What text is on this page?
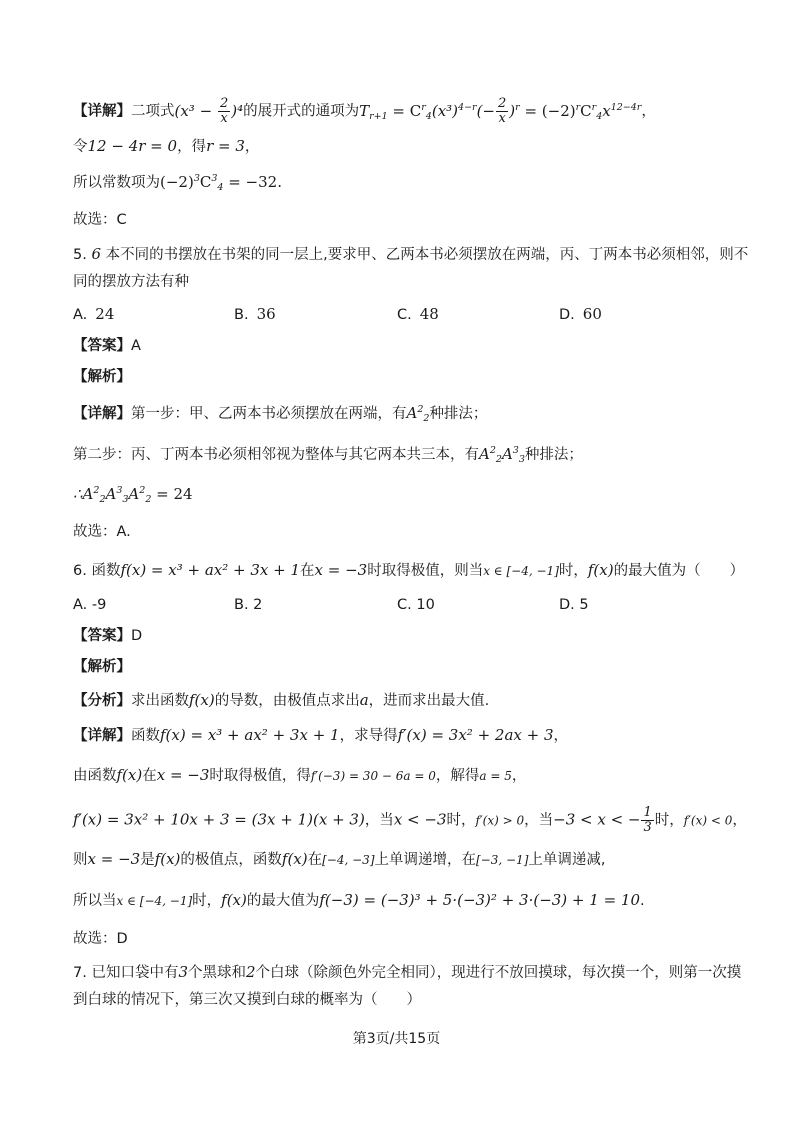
【详解】二项式$(x^3 - \frac{2}{x} )^4$的展开式的通项为$T_{r+1} = C^r_4(x^3)^{4-r}(- \frac{2}{x} )^r = (-2)^rC^r_4x^{12-4r}$，
令12 − 4r = 0，得r = 3，
所以常数项为$(-2)^3C^3_4 = -32$.
故选：C
5. 6 本不同的书摆放在书架的同一层上,要求甲、乙两本书必须摆放在两端，丙、丁两本书必须相邻，则不
同的摆放方法有种
A. 24	B. 36	C. 48	D. 60
【答案】A
【解析】
【详解】第一步：甲、乙两本书必须摆放在两端，有$A^2_2$种排法；
第二步：丙、丁两本书必须相邻视为整体与其它两本共三本，有$A^2_2A^3_3$种排法；
$\therefore A^2_2A^3_3A^2_2 = 24$
故选：A.
6. 函数f(x) = x³ + ax² + 3x + 1在x = −3时取得极值，则当x ∈ [−4, −1]时，f(x)的最大值为（　　）
A. -9	B. 2	C. 10	D. 5
【答案】D
【解析】
【分析】求出函数f(x)的导数，由极值点求出a，进而求出最大值.
【详解】函数f(x) = x³ + ax² + 3x + 1，求导得f′(x) = 3x² + 2ax + 3，
由函数f(x)在x = −3时取得极值，得f′(−3) = 30 − 6a = 0，解得a = 5，
f′(x) = 3x² + 10x + 3 = (3x + 1)(x + 3)，当x < −3时，f′(x) > 0，当−3 < x < − $\frac{1}{3}$ 时，f′(x) < 0，
则x = −3是f(x)的极值点，函数f(x)在[−4, −3]上单调递增，在[−3, −1]上单调递减,
所以当x ∈ [−4, −1]时，f(x)的最大值为f(−3) = (−3)³ + 5·(−3)² + 3·(−3) + 1 = 10.
故选：D
7. 已知口袋中有3个黑球和2个白球（除颜色外完全相同），现进行不放回摸球，每次摸一个，则第一次摸
到白球的情况下，第三次又摸到白球的概率为（　　）
第3页/共15页
